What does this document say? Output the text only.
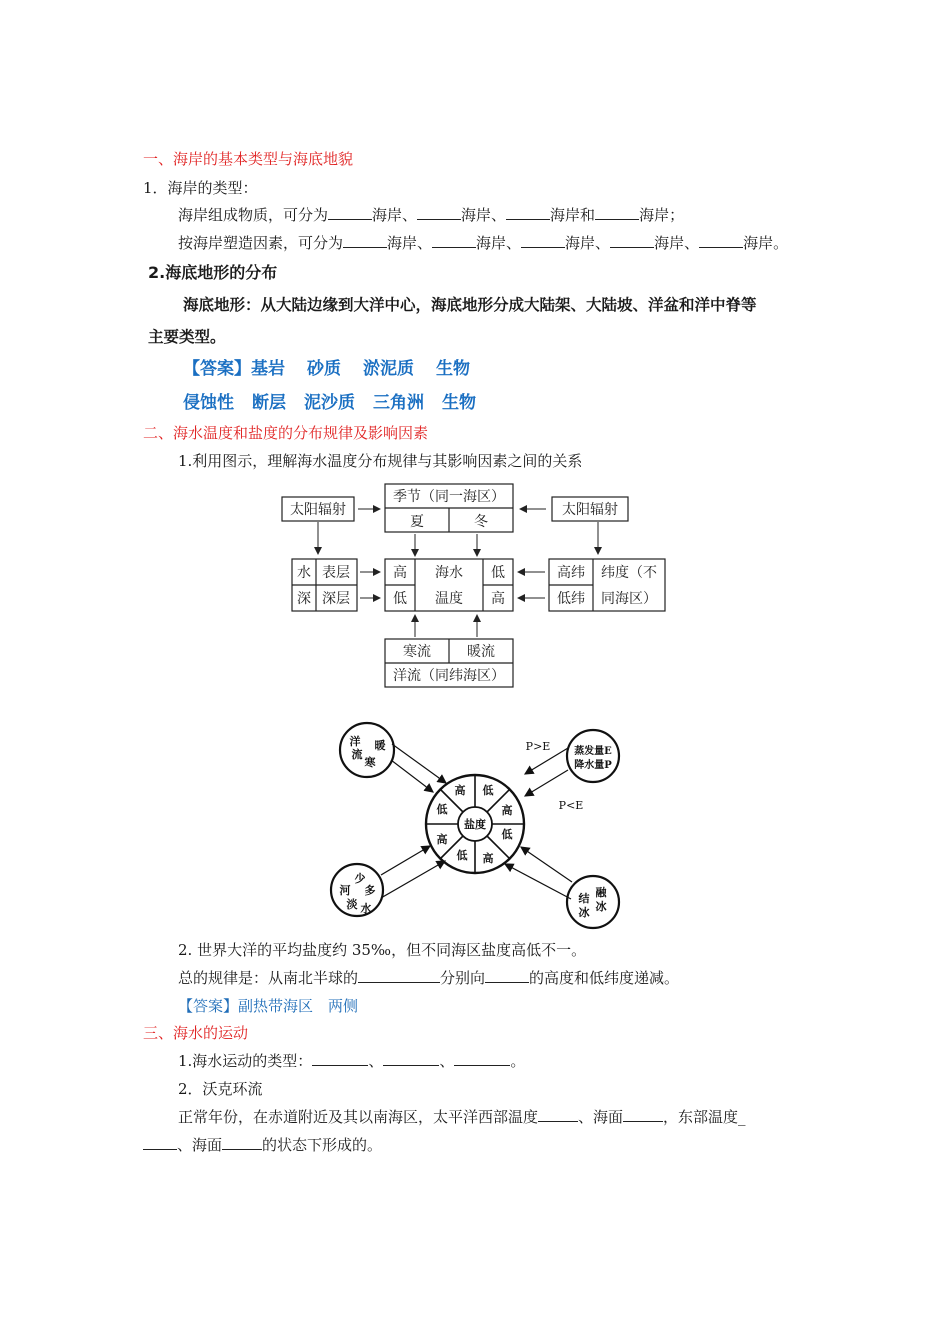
一、海岸的基本类型与海底地貌
1．海岸的类型：
海岸组成物质，可分为	海岸、	海岸、	海岸和	海岸；
按海岸塑造因素，可分为	海岸、	海岸、	海岸、	海岸、	海岸。
2.海底地形的分布
海底地形：从大陆边缘到大洋中心，海底地形分成大陆架、大陆坡、洋盆和洋中脊等
主要类型。
【答案】基岩 砂质 淤泥质 生物
侵蚀性 断层 泥沙质 三角洲 生物
二、海水温度和盐度的分布规律及影响因素
1.利用图示，理解海水温度分布规律与其影响因素之间的关系
太阳辐射
季节（同一海区）
夏	冬
太阳辐射
水
深
表层
深层
高
低
海水
温度
低
高
高纬
低纬
纬度（不
同海区）
寒流	暖流
洋流（同纬海区）
盐度
高 低
高
低
高
低
高
低
洋
流
暖
寒
蒸发量E
降水量P
少
河 多
淡 水
融
结
冰
冰
P>E
P<E
2. 世界大洋的平均盐度约 35‰，但不同海区盐度高低不一。
总的规律是：从南北半球的	分别向	的高度和低纬度递减。
【答案】副热带海区　两侧
三、海水的运动
1.海水运动的类型：	、	、	。
2．沃克环流
正常年份，在赤道附近及其以南海区，太平洋西部温度	、海面	，东部温度_
、海面	的状态下形成的。
